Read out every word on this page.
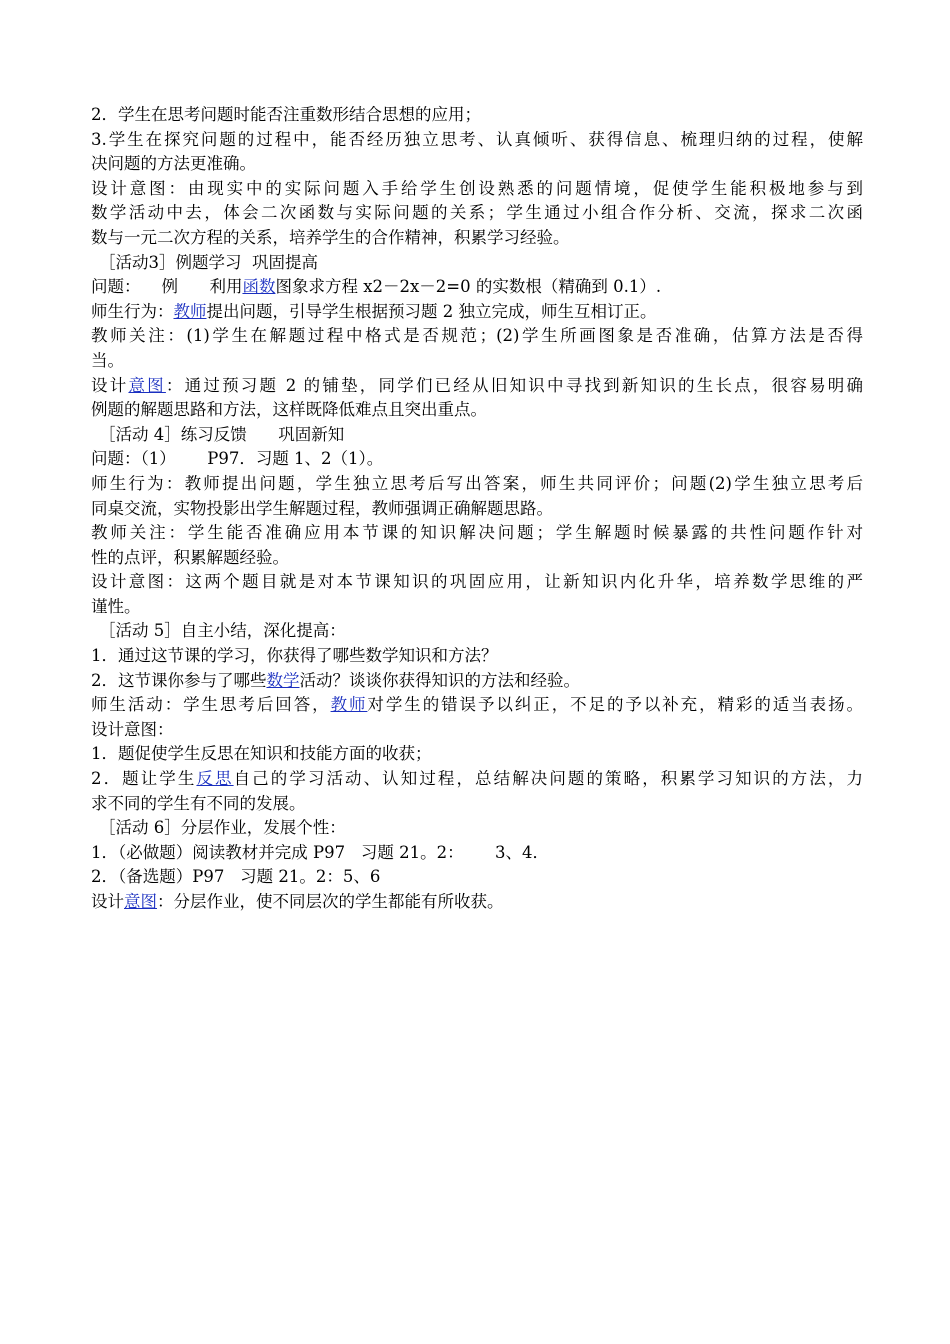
2．学生在思考问题时能否注重数形结合思想的应用；
3.学生在探究问题的过程中，能否经历独立思考、认真倾听、获得信息、梳理归纳的过程，使解
决问题的方法更准确。
设计意图：由现实中的实际问题入手给学生创设熟悉的问题情境，促使学生能积极地参与到
数学活动中去，体会二次函数与实际问题的关系；学生通过小组合作分析、交流，探求二次函
数与一元二次方程的关系，培养学生的合作精神，积累学习经验。
［活动3］例题学习  巩固提高
问题：    例      利用函数图象求方程 x2－2x－2=0 的实数根（精确到 0.1）.
师生行为：教师提出问题，引导学生根据预习题 2 独立完成，师生互相订正。
教师关注：(1)学生在解题过程中格式是否规范；(2)学生所画图象是否准确，估算方法是否得
当。
设计意图：通过预习题 2 的铺垫，同学们已经从旧知识中寻找到新知识的生长点，很容易明确
例题的解题思路和方法，这样既降低难点且突出重点。
［活动 4］练习反馈      巩固新知
问题：（1）      P97．习题 1、2（1）。
师生行为：教师提出问题，学生独立思考后写出答案，师生共同评价；问题(2)学生独立思考后
同桌交流，实物投影出学生解题过程，教师强调正确解题思路。
教师关注：学生能否准确应用本节课的知识解决问题；学生解题时候暴露的共性问题作针对
性的点评，积累解题经验。
设计意图：这两个题目就是对本节课知识的巩固应用，让新知识内化升华，培养数学思维的严
谨性。
［活动 5］自主小结，深化提高：
1．通过这节课的学习，你获得了哪些数学知识和方法？
2．这节课你参与了哪些数学活动？谈谈你获得知识的方法和经验。
师生活动：学生思考后回答，教师对学生的错误予以纠正，不足的予以补充，精彩的适当表扬。
设计意图：
1．题促使学生反思在知识和技能方面的收获；
2．题让学生反思自己的学习活动、认知过程，总结解决问题的策略，积累学习知识的方法，力
求不同的学生有不同的发展。
［活动 6］分层作业，发展个性：
1．（必做题）阅读教材并完成 P97   习题 21。2：      3、4．
2．（备选题）P97   习题 21。2：5、6
设计意图：分层作业，使不同层次的学生都能有所收获。
